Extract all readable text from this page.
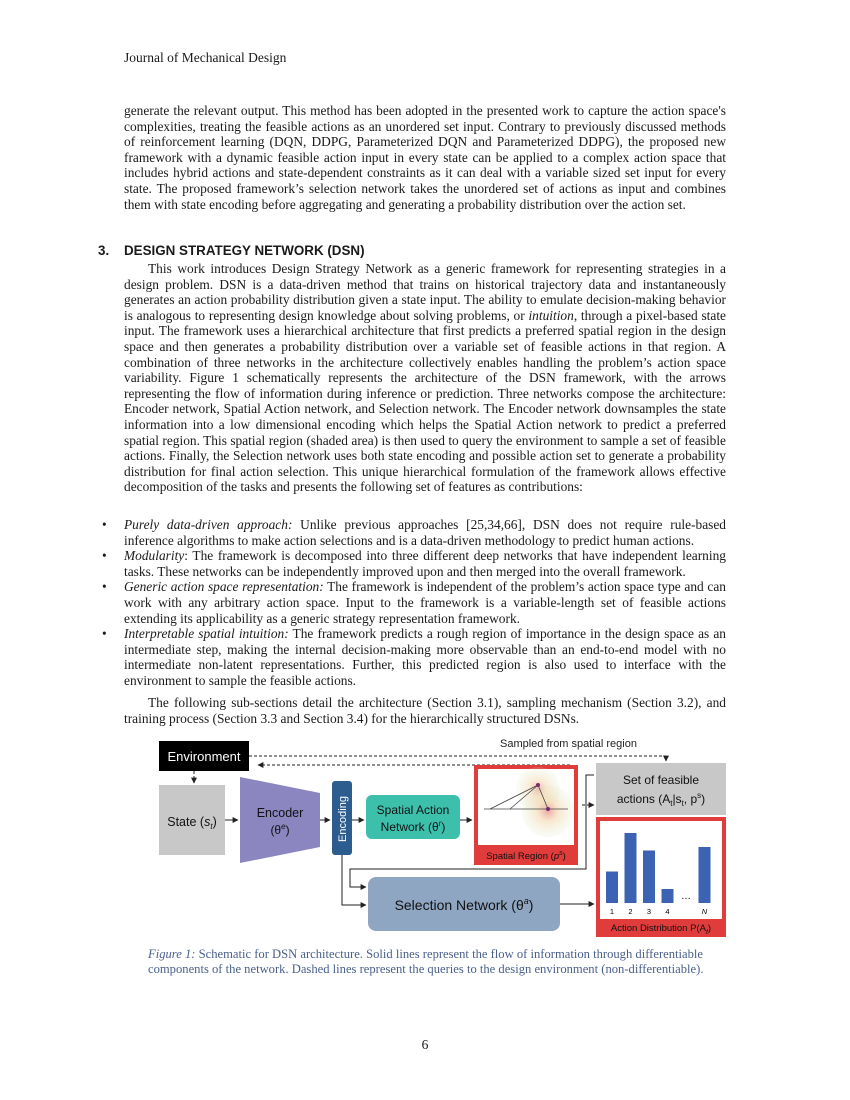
Journal of Mechanical Design

generate the relevant output. This method has been adopted in the presented work to capture the action space's complexities, treating the feasible actions as an unordered set input. Contrary to previously discussed methods of reinforcement learning (DQN, DDPG, Parameterized DQN and Parameterized DDPG), the proposed new framework with a dynamic feasible action input in every state can be applied to a complex action space that includes hybrid actions and state-dependent constraints as it can deal with a variable sized set input for every state. The proposed framework’s selection network takes the unordered set of actions as input and combines them with state encoding before aggregating and generating a probability distribution over the action set.

3. DESIGN STRATEGY NETWORK (DSN)

This work introduces Design Strategy Network as a generic framework for representing strategies in a design problem. DSN is a data-driven method that trains on historical trajectory data and instantaneously generates an action probability distribution given a state input. The ability to emulate decision-making behavior is analogous to representing design knowledge about solving problems, or intuition, through a pixel-based state input. The framework uses a hierarchical architecture that first predicts a preferred spatial region in the design space and then generates a probability distribution over a variable set of feasible actions in that region. A combination of three networks in the architecture collectively enables handling the problem’s action space variability. Figure 1 schematically represents the architecture of the DSN framework, with the arrows representing the flow of information during inference or prediction. Three networks compose the architecture: Encoder network, Spatial Action network, and Selection network. The Encoder network downsamples the state information into a low dimensional encoding which helps the Spatial Action network to predict a preferred spatial region. This spatial region (shaded area) is then used to query the environment to sample a set of feasible actions. Finally, the Selection network uses both state encoding and possible action set to generate a probability distribution for final action selection. This unique hierarchical formulation of the framework allows effective decomposition of the tasks and presents the following set of features as contributions:

• Purely data-driven approach: Unlike previous approaches [25,34,66], DSN does not require rule-based inference algorithms to make action selections and is a data-driven methodology to predict human actions.
• Modularity: The framework is decomposed into three different deep networks that have independent learning tasks. These networks can be independently improved upon and then merged into the overall framework.
• Generic action space representation: The framework is independent of the problem’s action space type and can work with any arbitrary action space. Input to the framework is a variable-length set of feasible actions extending its applicability as a generic strategy representation framework.
• Interpretable spatial intuition: The framework predicts a rough region of importance in the design space as an intermediate step, making the internal decision-making more observable than an end-to-end model with no intermediate non-latent representations. Further, this predicted region is also used to interface with the environment to sample the feasible actions.

The following sub-sections detail the architecture (Section 3.1), sampling mechanism (Section 3.2), and training process (Section 3.3 and Section 3.4) for the hierarchically structured DSNs.

Environment
Sampled from spatial region
State $(s_t)$
Encoder
$(\theta^e)$	Encoding Spatial Action
Network $(\theta^r)$
Spatial Region $(p^s)$
Set of feasible
actions ($A_t|s_t$, $p^s$)
1 2 3 4
…
N
Action Distribution $P(A_t)$
Selection Network $(\theta^a)$

Figure 1: Schematic for DSN architecture. Solid lines represent the flow of information through differentiable components of the network. Dashed lines represent the queries to the design environment (non-differentiable).

6
